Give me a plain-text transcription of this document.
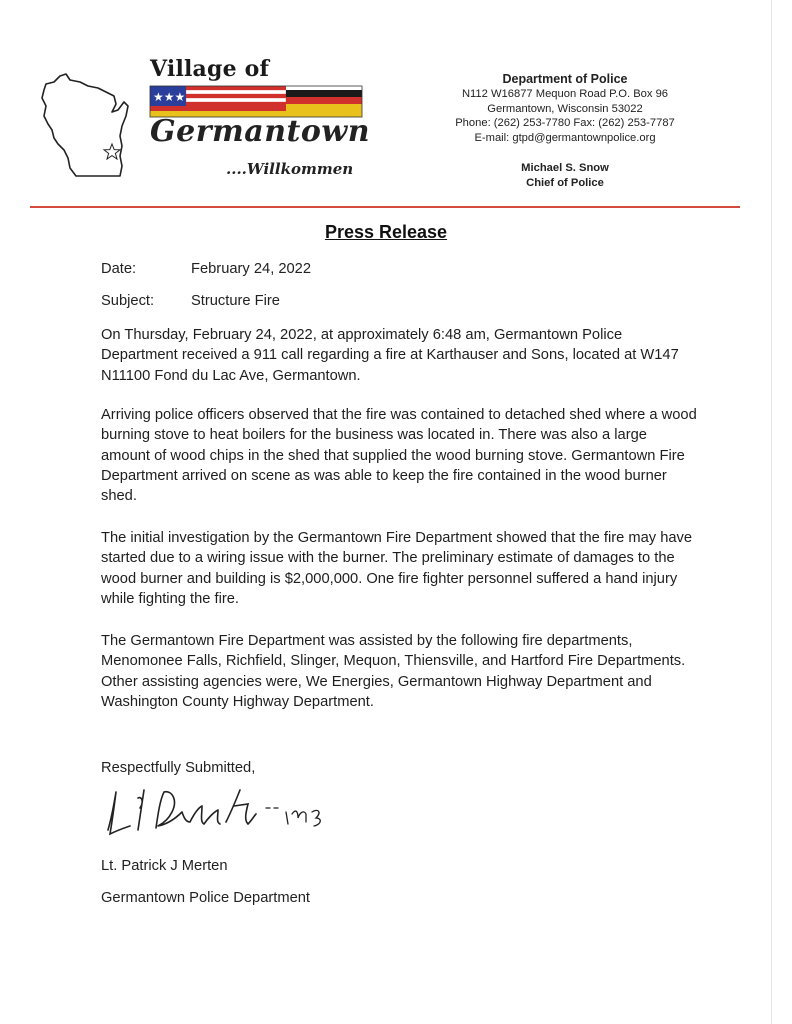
★★★
Village of
Germantown
....Willkommen
Department of Police
N112 W16877 Mequon Road P.O. Box 96
Germantown, Wisconsin 53022
Phone: (262) 253-7780 Fax: (262) 253-7787
E-mail: gtpd@germantownpolice.org
Michael S. Snow
Chief of Police
Press Release
Date:	February 24, 2022
Subject:	Structure Fire

On Thursday, February 24, 2022, at approximately 6:48 am, Germantown Police Department received a 911 call regarding a fire at Karthauser and Sons, located at W147 N11100 Fond du Lac Ave, Germantown.

Arriving police officers observed that the fire was contained to detached shed where a wood burning stove to heat boilers for the business was located in. There was also a large amount of wood chips in the shed that supplied the wood burning stove. Germantown Fire Department arrived on scene as was able to keep the fire contained in the wood burner shed.

The initial investigation by the Germantown Fire Department showed that the fire may have started due to a wiring issue with the burner. The preliminary estimate of damages to the wood burner and building is $2,000,000. One fire fighter personnel suffered a hand injury while fighting the fire.

The Germantown Fire Department was assisted by the following fire departments, Menomonee Falls, Richfield, Slinger, Mequon, Thiensville, and Hartford Fire Departments. Other assisting agencies were, We Energies, Germantown Highway Department and Washington County Highway Department.

Respectfully Submitted,
Lt. Patrick J Merten
Germantown Police Department
